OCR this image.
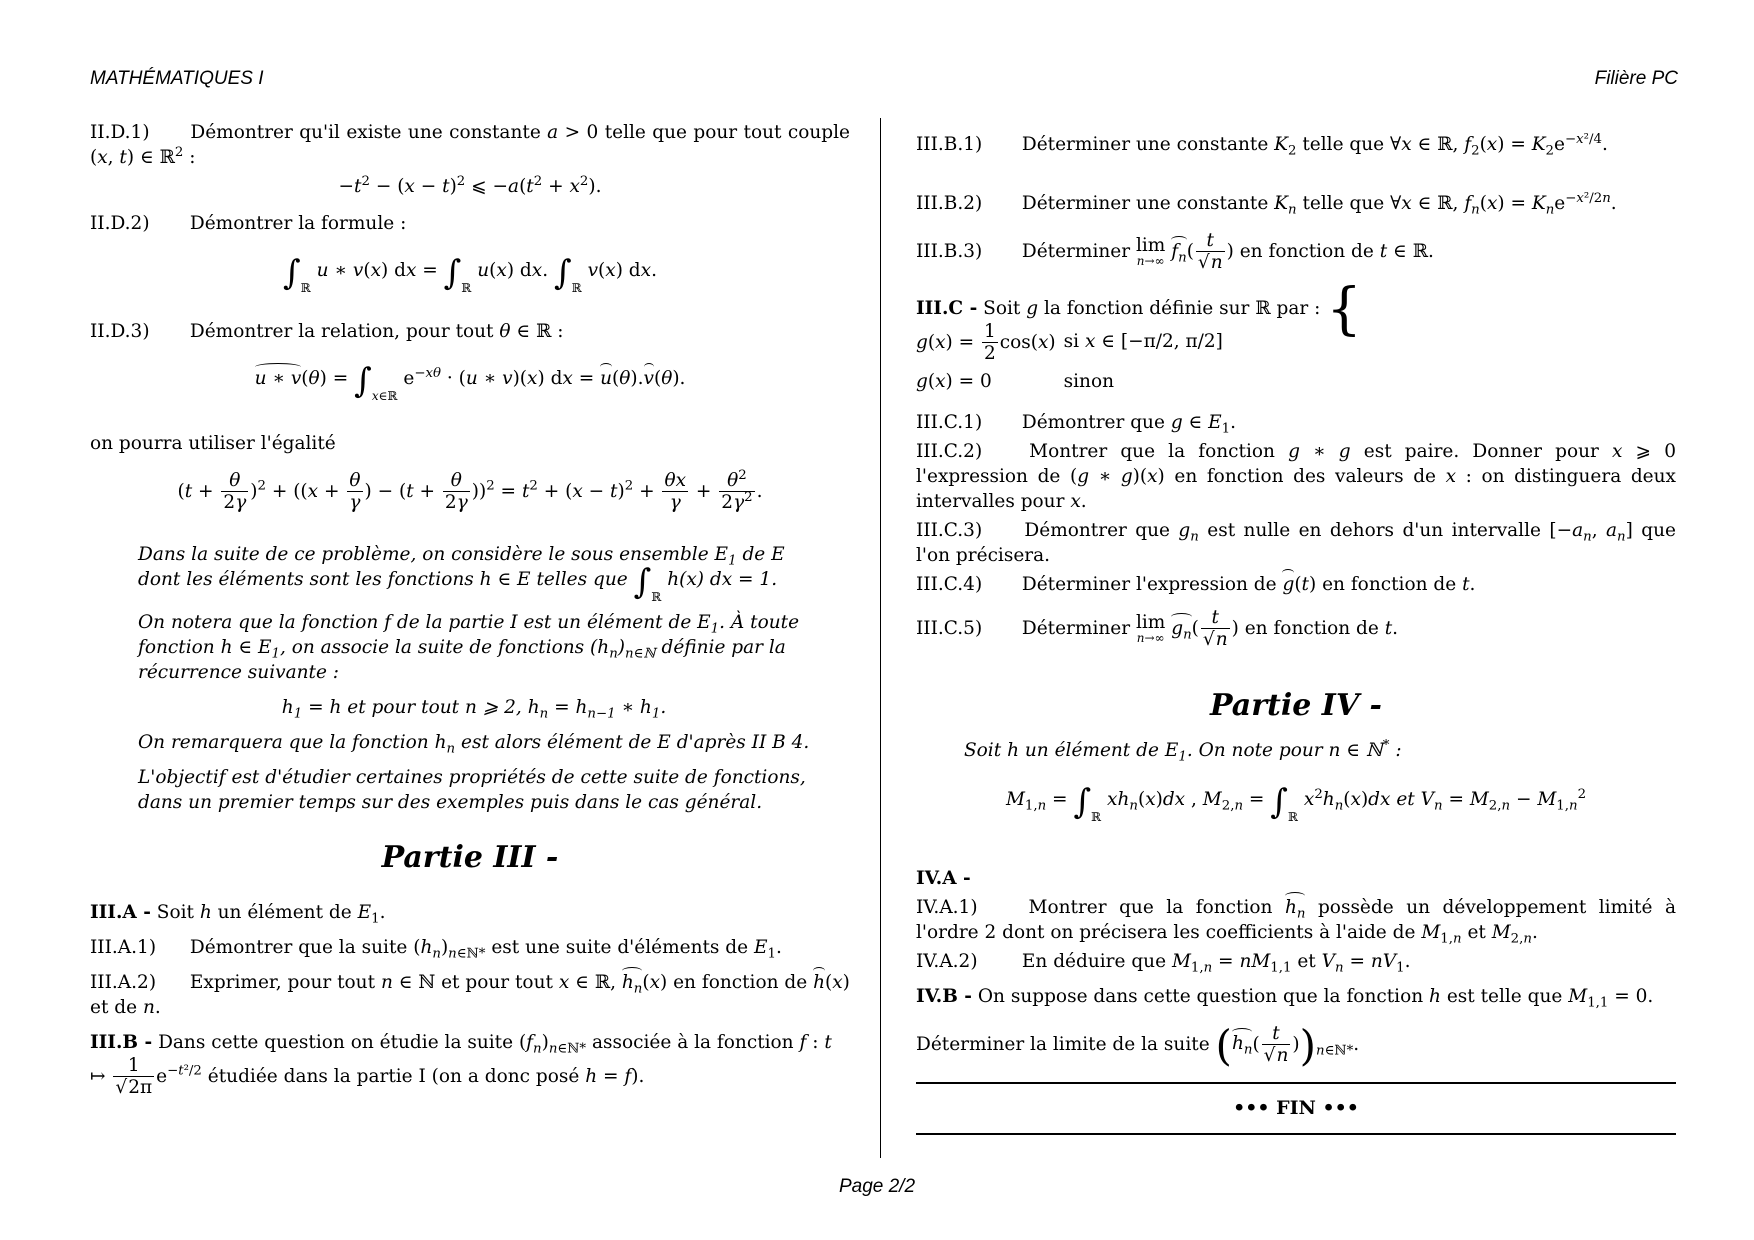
MATHÉMATIQUES I	Filière PC

II.D.1) Démontrer qu'il existe une constante a > 0 telle que pour tout couple (x, t) ∈ ℝ$^2$ :

$-t^2 - (x - t)^2$ ⩽ $-a(t^2 + x^2)$.

II.D.2) Démontrer la formule :

$\int_ℝ$ u ∗ v(x) dx = $\int_ℝ$ u(x) dx. $\int_ℝ$ v(x) dx.

II.D.3) Démontrer la relation, pour tout θ ∈ ℝ :

u ∗ $v(\theta) = \int_{x\in ℝ}$ $e^{-x\theta} \cdot (u$ ∗ v)(x) dx = u(θ).v(θ).

on pourra utiliser l'égalité

$(t + \frac{\theta}{2\gamma} )^2 + ((x + \frac{\theta}{\gamma}$ ) − $(t + \frac{\theta}{2\gamma} ))^2 = t^2 + (x - t)^2 + \frac{\theta x}{\gamma} + \frac{\theta^2}{2\gamma^2}$ .

Dans la suite de ce problème, on considère le sous ensemble $E_1$ de E dont les éléments sont les fonctions h ∈ E telles que $\int_ℝ$ h(x) dx = 1. On notera que la fonction f de la partie I est un élément de $E_1$. À toute fonction h ∈ $E_1$, on associe la suite de fonctions $(h_n)_{n\in ℕ}$ définie par la récurrence suivante :

$h_1 = h$ et pour tout n ⩾ 2, $h_n = h_{n-1}$ ∗ $h_1$.

On remarquera que la fonction $h_n$ est alors élément de E d'après II B 4.

L'objectif est d'étudier certaines propriétés de cette suite de fonctions, dans un premier temps sur des exemples puis dans le cas général.

Partie III -

III.A - Soit h un élément de $E_1$.

III.A.1) Démontrer que la suite $(h_n)_{n\in ℕ*}$ est une suite d'éléments de $E_1$.

III.A.2) Exprimer, pour tout n ∈ ℕ et pour tout x ∈ ℝ, $h_n(x)$ en fonction de h(x) et de n.

III.B - Dans cette question on étudie la suite $(f_n)_{n\in ℕ*}$ associée à la fonction f : t ↦ $\frac{1}{√2\pi} e^{-t^2/2}$ étudiée dans la partie I (on a donc posé h = f).

III.B.1) Déterminer une constante $K_2$ telle que ∀x ∈ ℝ, $f_2(x) = K_2e^{-x^2/4}$.

III.B.2) Déterminer une constante $K_n$ telle que ∀x ∈ ℝ, $f_n(x) = K_ne^{-x^2/2n}$.

III.B.3) Déterminer lim
n→∞ $f_n( \frac{t}{√n}$ ) en fonction de t ∈ ℝ.

III.C - Soit g la fonction définie sur ℝ par : {

$g(x) = \frac{1}{2} \cos(x)$	si x ∈ [−π/2, π/2]
g(x) = 0	sinon

III.C.1) Démontrer que g ∈ $E_1$.

III.C.2)	Montrer que la fonction g ∗ g est paire. Donner pour x ⩾ 0 l'expression de (g ∗ g)(x) en fonction des valeurs de x : on distinguera deux intervalles pour x.

III.C.3) Démontrer que $g_n$ est nulle en dehors d'un intervalle [$-a_n$, $a_n$] que l'on précisera.

III.C.4) Déterminer l'expression de g(t) en fonction de t.

III.C.5) Déterminer lim
n→∞ $g_n( \frac{t}{√n}$ ) en fonction de t.

Partie IV -

Soit h un élément de $E_1$. On note pour n ∈ ℕ* :

$M_{1,n} = \int_ℝ$ $xh_n(x)dx$ , $M_{2,n} = \int_ℝ$ $x^2h_n(x)dx$ et $V_n = M_{2,n} - M_{1,n}^2$

IV.A -

IV.A.1)	Montrer que la fonction $h_n$ possède un développement limité à l'ordre 2 dont on précisera les coefficients à l'aide de $M_{1,n}$ et $M_{2,n}$.

IV.A.2) En déduire que $M_{1,n} = nM_{1,1}$ et $V_n = nV_1$.

IV.B - On suppose dans cette question que la fonction h est telle que $M_{1,1} = 0$.

Déterminer la limite de la suite $(h_n( \frac{t}{√n} ))_{n\in ℕ*}$.

••• FIN •••
Page 2/2
